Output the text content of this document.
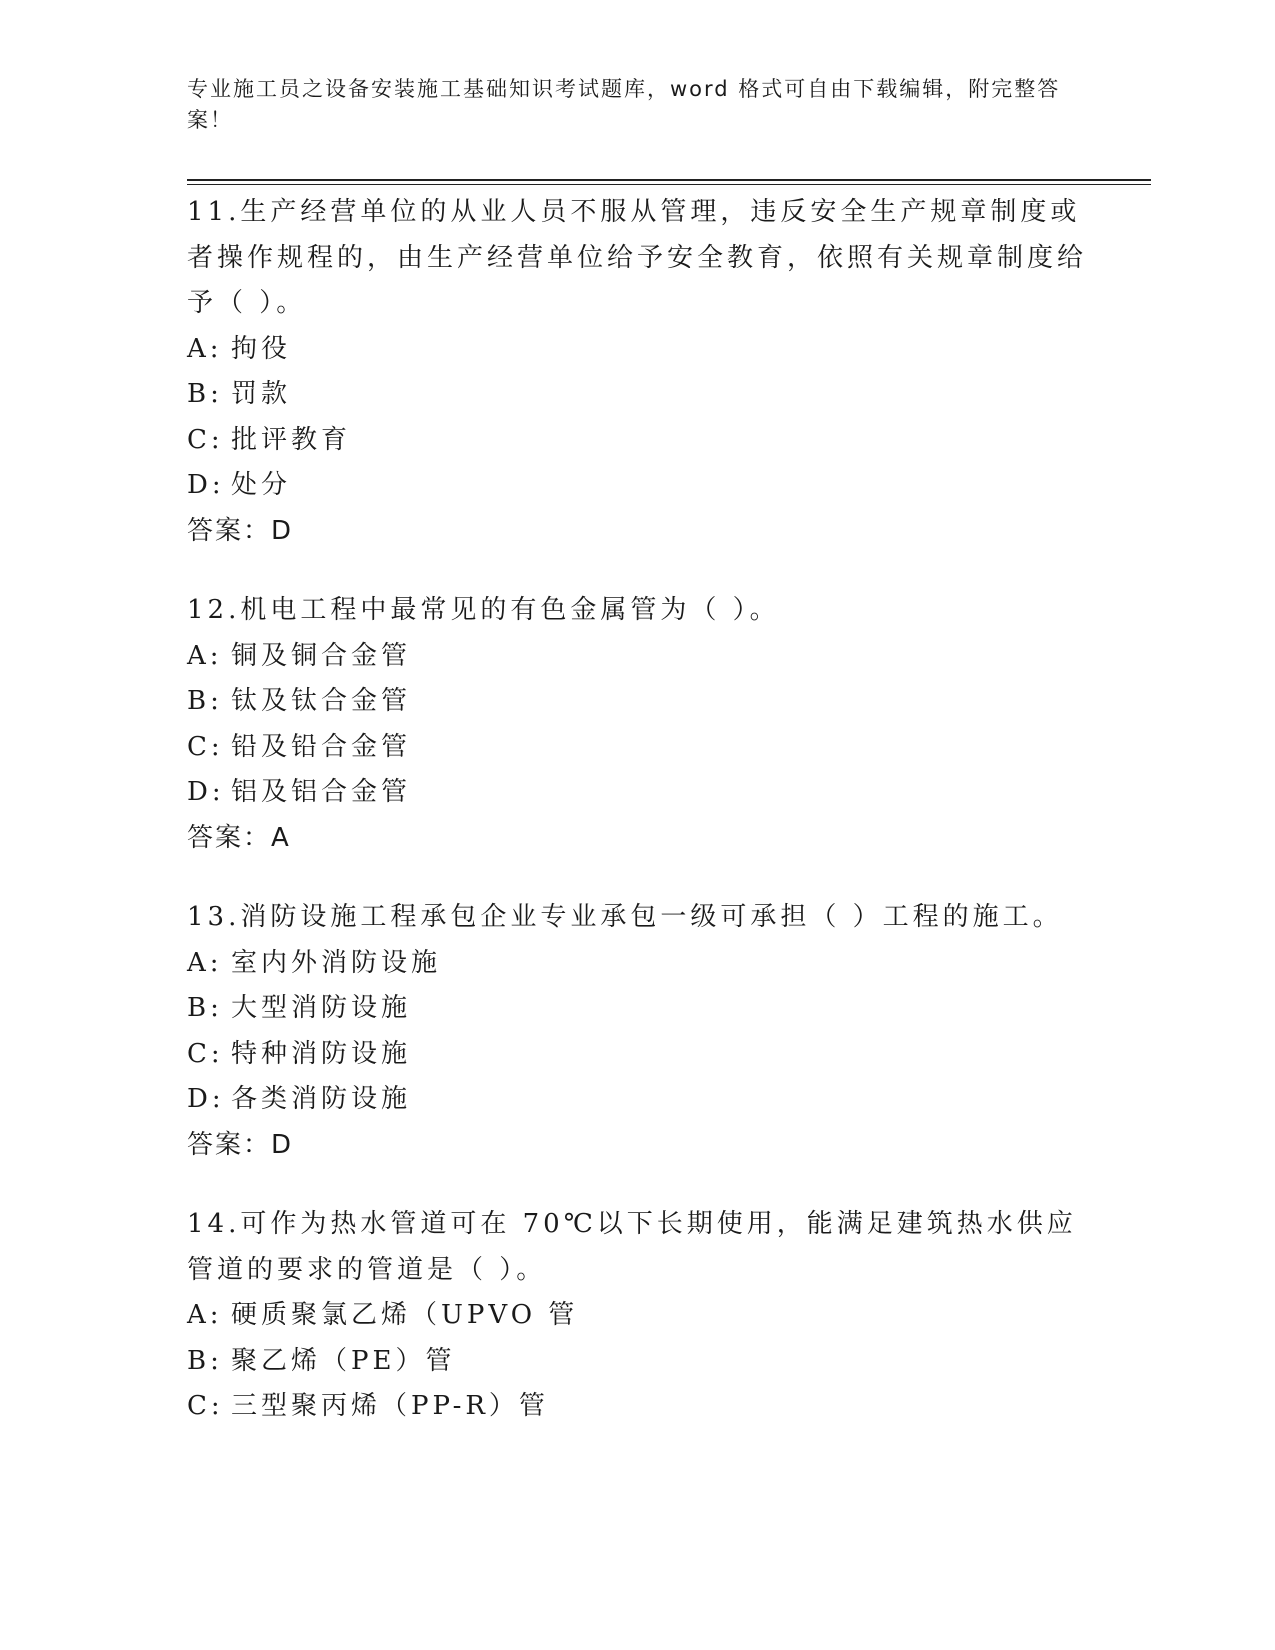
专业施工员之设备安装施工基础知识考试题库，word 格式可自由下载编辑，附完整答案！

11.生产经营单位的从业人员不服从管理，违反安全生产规章制度或者操作规程的，由生产经营单位给予安全教育，依照有关规章制度给予（ ）。

A: 拘役

B: 罚款

C: 批评教育

D: 处分

答案：D

12.机电工程中最常见的有色金属管为（ ）。

A: 铜及铜合金管

B: 钛及钛合金管

C: 铅及铅合金管

D: 铝及铝合金管

答案：A

13.消防设施工程承包企业专业承包一级可承担（ ）工程的施工。

A: 室内外消防设施

B: 大型消防设施

C: 特种消防设施

D: 各类消防设施

答案：D

14.可作为热水管道可在 70℃以下长期使用，能满足建筑热水供应管道的要求的管道是（ ）。

A: 硬质聚氯乙烯（UPVO 管

B: 聚乙烯（PE）管

C: 三型聚丙烯（PP-R）管
